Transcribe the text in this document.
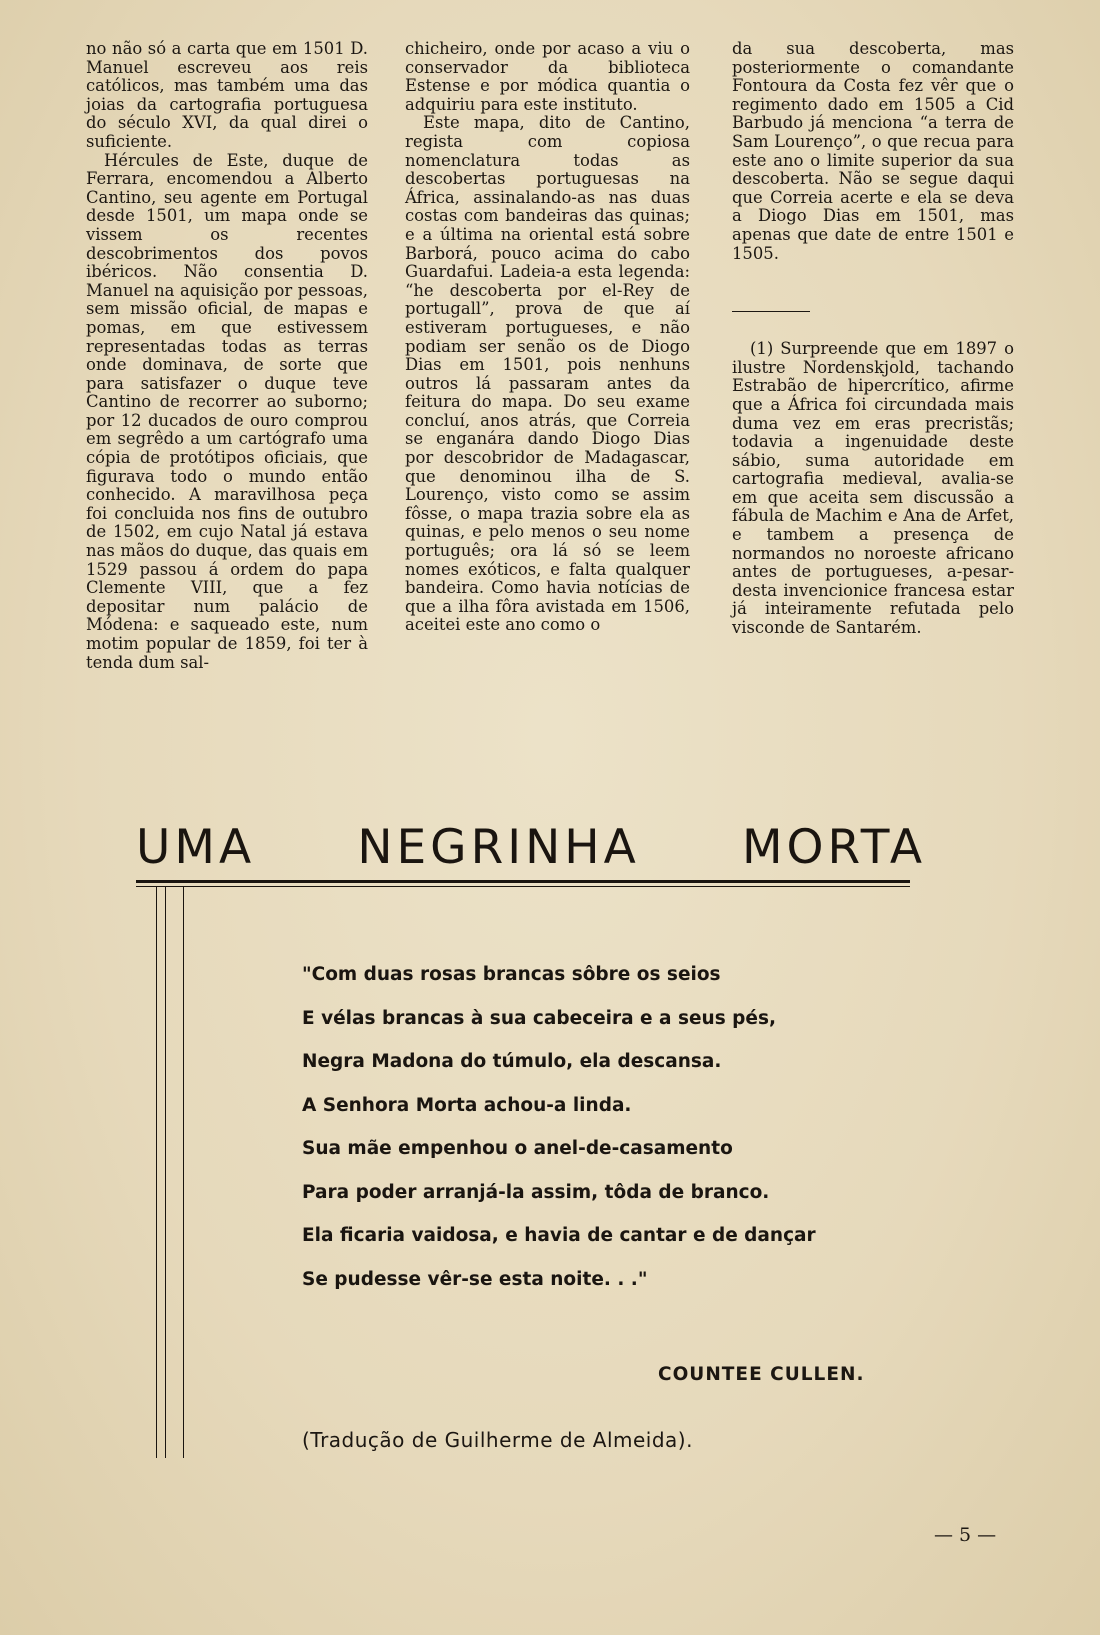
no não só a carta que em 1501 D. Manuel escreveu aos reis católicos, mas também uma das joias da cartografia portuguesa do século XVI, da qual direi o suficiente.

Hércules de Este, duque de Ferrara, encomendou a Alberto Cantino, seu agente em Portugal desde 1501, um mapa onde se vissem os recentes descobrimentos dos povos ibéricos. Não consentia D. Manuel na aquisição por pessoas, sem missão oficial, de mapas e pomas, em que estivessem representadas todas as terras onde dominava, de sorte que para satisfazer o duque teve Cantino de recorrer ao suborno; por 12 ducados de ouro comprou em segrêdo a um cartógrafo uma cópia de protótipos oficiais, que figurava todo o mundo então conhecido. A maravilhosa peça foi concluida nos fins de outubro de 1502, em cujo Natal já estava nas mãos do duque, das quais em 1529 passou á ordem do papa Clemente VIII, que a fez depositar num palácio de Módena: e saqueado este, num motim popular de 1859, foi ter à tenda dum sal-

chicheiro, onde por acaso a viu o conservador da biblioteca Estense e por módica quantia o adquiriu para este instituto.

Este mapa, dito de Cantino, regista com copiosa nomenclatura todas as descobertas portuguesas na África, assinalando-as nas duas costas com bandeiras das quinas; e a última na oriental está sobre Barborá, pouco acima do cabo Guardafui. Ladeia-a esta legenda: “he descoberta por el-Rey de portugall”, prova de que aí estiveram portugueses, e não podiam ser senão os de Diogo Dias em 1501, pois nenhuns outros lá passaram antes da feitura do mapa. Do seu exame concluí, anos atrás, que Correia se enganára dando Diogo Dias por descobridor de Madagascar, que denominou ilha de S. Lourenço, visto como se assim fôsse, o mapa trazia sobre ela as quinas, e pelo menos o seu nome português; ora lá só se leem nomes exóticos, e falta qualquer bandeira. Como havia notícias de que a ilha fôra avistada em 1506, aceitei este ano como o

da sua descoberta, mas posteriormente o comandante Fontoura da Costa fez vêr que o regimento dado em 1505 a Cid Barbudo já menciona “a terra de Sam Lourenço”, o que recua para este ano o limite superior da sua descoberta. Não se segue daqui que Correia acerte e ela se deva a Diogo Dias em 1501, mas apenas que date de entre 1501 e 1505.

(1) Surpreende que em 1897 o ilustre Nordenskjold, tachando Estrabão de hipercrítico, afirme que a África foi circundada mais duma vez em eras precristãs; todavia a ingenuidade deste sábio, suma autoridade em cartografia medieval, avalia-se em que aceita sem discussão a fábula de Machim e Ana de Arfet, e tambem a presença de normandos no noroeste africano antes de portugueses, a-pesar-desta invencionice francesa estar já inteiramente refutada pelo visconde de Santarém.

UMA NEGRINHA MORTA
"Com duas rosas brancas sôbre os seios
E vélas brancas à sua cabeceira e a seus pés,
Negra Madona do túmulo, ela descansa.
A Senhora Morta achou-a linda.
Sua mãe empenhou o anel-de-casamento
Para poder arranjá-la assim, tôda de branco.
Ela ficaria vaidosa, e havia de cantar e de dançar
Se pudesse vêr-se esta noite. . ."
COUNTEE CULLEN.
(Tradução de Guilherme de Almeida).
— 5 —
